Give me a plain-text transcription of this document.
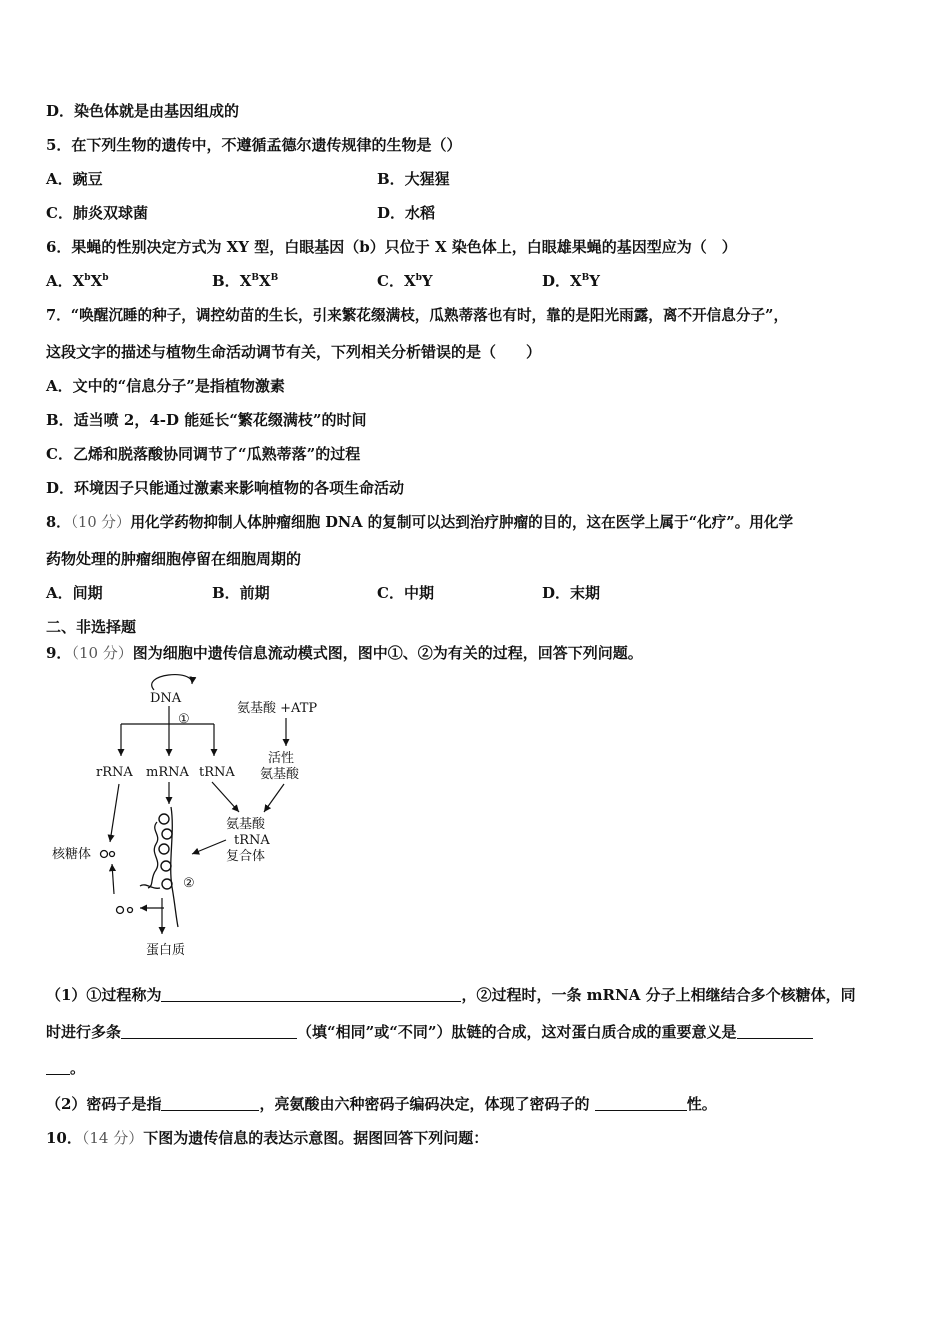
D．染色体就是由基因组成的
5．在下列生物的遗传中，不遵循孟德尔遗传规律的生物是（）
A．豌豆	B．大猩猩
C．肺炎双球菌	D．水稻
6．果蝇的性别决定方式为 XY 型，白眼基因（b）只位于 X 染色体上，白眼雄果蝇的基因型应为（　）
A．$X^bX^b$	B．$X^BX^B$	C．$X^bY$	D．$X^BY$
7．“唤醒沉睡的种子，调控幼苗的生长，引来繁花缀满枝，瓜熟蒂落也有时，靠的是阳光雨露，离不开信息分子”，
这段文字的描述与植物生命活动调节有关，下列相关分析错误的是（　　）
A．文中的“信息分子”是指植物激素
B．适当喷 2，4-D 能延长“繁花缀满枝”的时间
C．乙烯和脱落酸协同调节了“瓜熟蒂落”的过程
D．环境因子只能通过激素来影响植物的各项生命活动
8．（10 分）用化学药物抑制人体肿瘤细胞 DNA 的复制可以达到治疗肿瘤的目的，这在医学上属于“化疗”。用化学
药物处理的肿瘤细胞停留在细胞周期的
A．间期	B．前期	C．中期	D．末期
二、非选择题
9．（10 分）图为细胞中遗传信息流动模式图，图中①、②为有关的过程，回答下列问题。
DNA
①
rRNA mRNA tRNA
氨基酸 +ATP
活性
氨基酸
氨基酸
tRNA
复合体
核糖体
②
蛋白质
（1）①过程称为	，②过程时，一条 mRNA 分子上相继结合多个核糖体，同
时进行多条	（填“相同”或“不同”）肽链的合成，这对蛋白质合成的重要意义是
。
（2）密码子是指	，亮氨酸由六种密码子编码决定，体现了密码子的	性。
10．（14 分）下图为遗传信息的表达示意图。据图回答下列问题：
